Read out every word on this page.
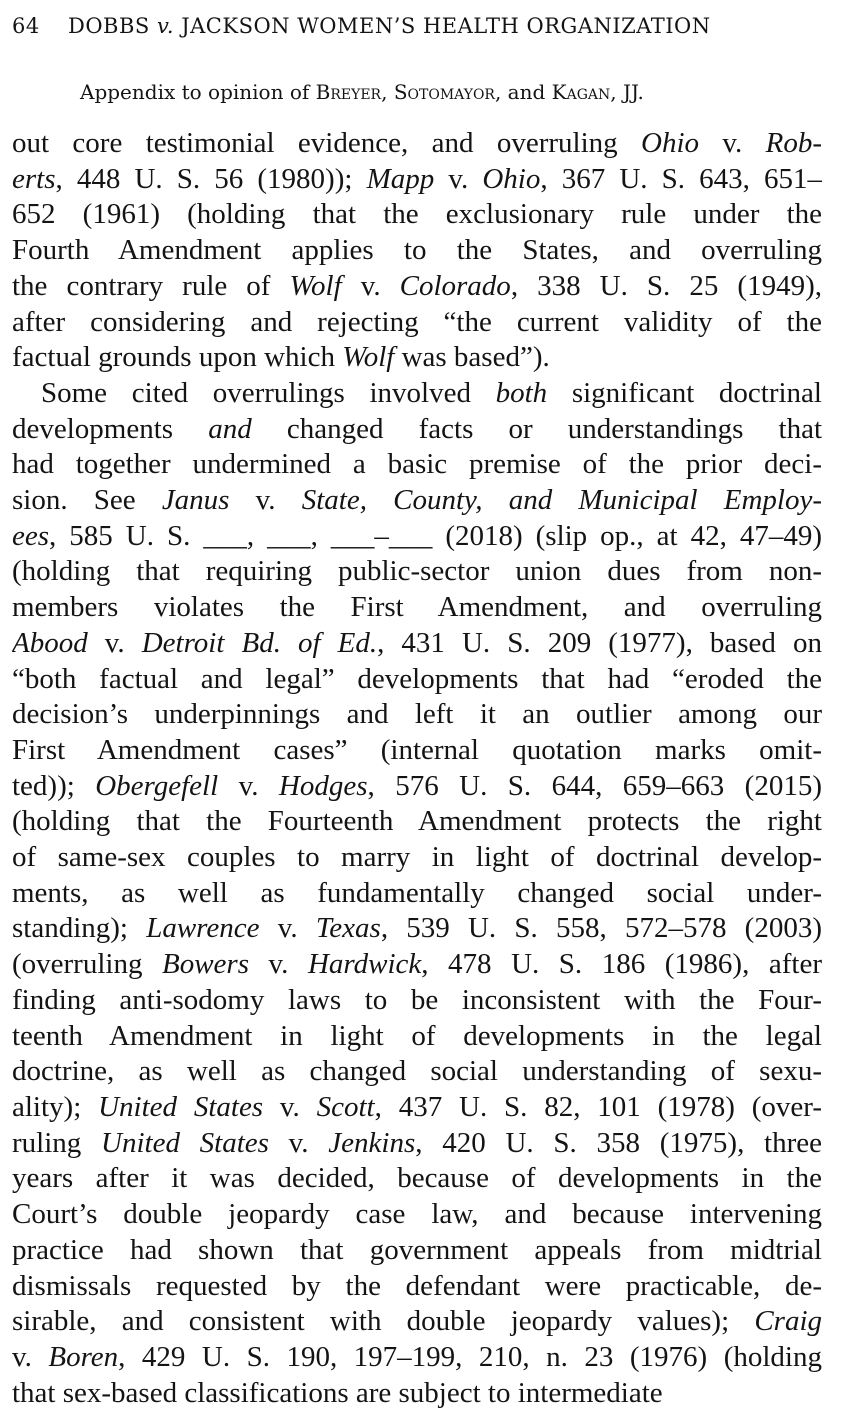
64 DOBBS v. JACKSON WOMEN’S HEALTH ORGANIZATION
Appendix to opinion of Breyer, Sotomayor, and Kagan, JJ.

out core testimonial evidence, and overruling Ohio v. Rob-
erts, 448 U. S. 56 (1980)); Mapp v. Ohio, 367 U. S. 643, 651–
652 (1961) (holding that the exclusionary rule under the
Fourth Amendment applies to the States, and overruling
the contrary rule of Wolf v. Colorado, 338 U. S. 25 (1949),
after considering and rejecting “the current validity of the
factual grounds upon which Wolf was based”).

Some cited overrulings involved both significant doctrinal
developments and changed facts or understandings that
had together undermined a basic premise of the prior deci-
sion. See Janus v. State, County, and Municipal Employ-
ees, 585 U. S. ___, ___, ___–___ (2018) (slip op., at 42, 47–49)
(holding that requiring public-sector union dues from non-
members violates the First Amendment, and overruling
Abood v. Detroit Bd. of Ed., 431 U. S. 209 (1977), based on
“both factual and legal” developments that had “eroded the
decision’s underpinnings and left it an outlier among our
First Amendment cases” (internal quotation marks omit-
ted)); Obergefell v. Hodges, 576 U. S. 644, 659–663 (2015)
(holding that the Fourteenth Amendment protects the right
of same-sex couples to marry in light of doctrinal develop-
ments, as well as fundamentally changed social under-
standing); Lawrence v. Texas, 539 U. S. 558, 572–578 (2003)
(overruling Bowers v. Hardwick, 478 U. S. 186 (1986), after
finding anti-sodomy laws to be inconsistent with the Four-
teenth Amendment in light of developments in the legal
doctrine, as well as changed social understanding of sexu-
ality); United States v. Scott, 437 U. S. 82, 101 (1978) (over-
ruling United States v. Jenkins, 420 U. S. 358 (1975), three
years after it was decided, because of developments in the
Court’s double jeopardy case law, and because intervening
practice had shown that government appeals from midtrial
dismissals requested by the defendant were practicable, de-
sirable, and consistent with double jeopardy values); Craig
v. Boren, 429 U. S. 190, 197–199, 210, n. 23 (1976) (holding
that sex-based classifications are subject to intermediate
